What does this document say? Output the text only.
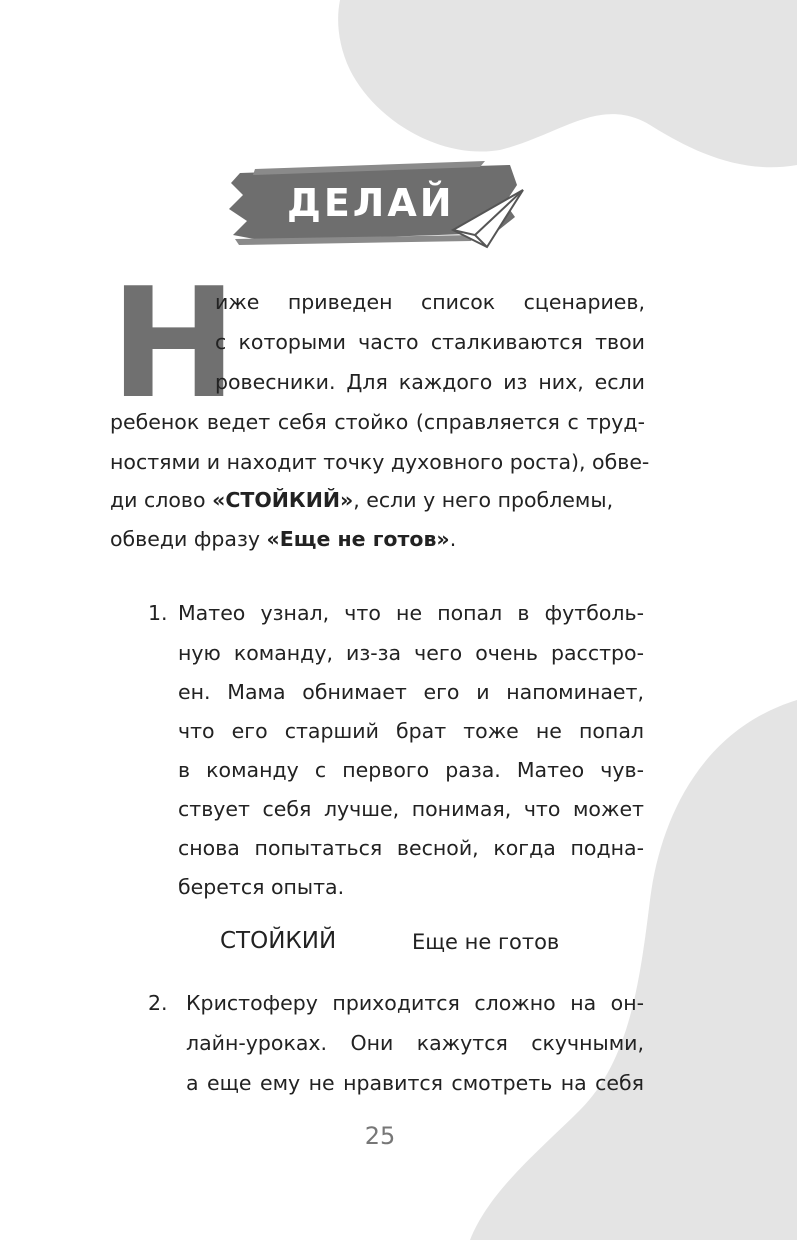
ДЕЛАЙ
Н
иже приведен список сценариев,
с которыми часто сталкиваются твои
ровесники. Для каждого из них, если
ребенок ведет себя стойко (справляется с труд-
ностями и находит точку духовного роста), обве-
ди слово «СТОЙКИЙ», если у него проблемы,
обведи фразу «Еще не готов».
1. Матео узнал, что не попал в футболь-
ную команду, из-за чего очень расстро-
ен. Мама обнимает его и напоминает,
что его старший брат тоже не попал
в команду с первого раза. Матео чув-
ствует себя лучше, понимая, что может
снова попытаться весной, когда подна-
берется опыта.
СТОЙКИЙ	Еще не готов
2. Кристоферу приходится сложно на он-
лайн-уроках. Они кажутся скучными,
а еще ему не нравится смотреть на себя
25
